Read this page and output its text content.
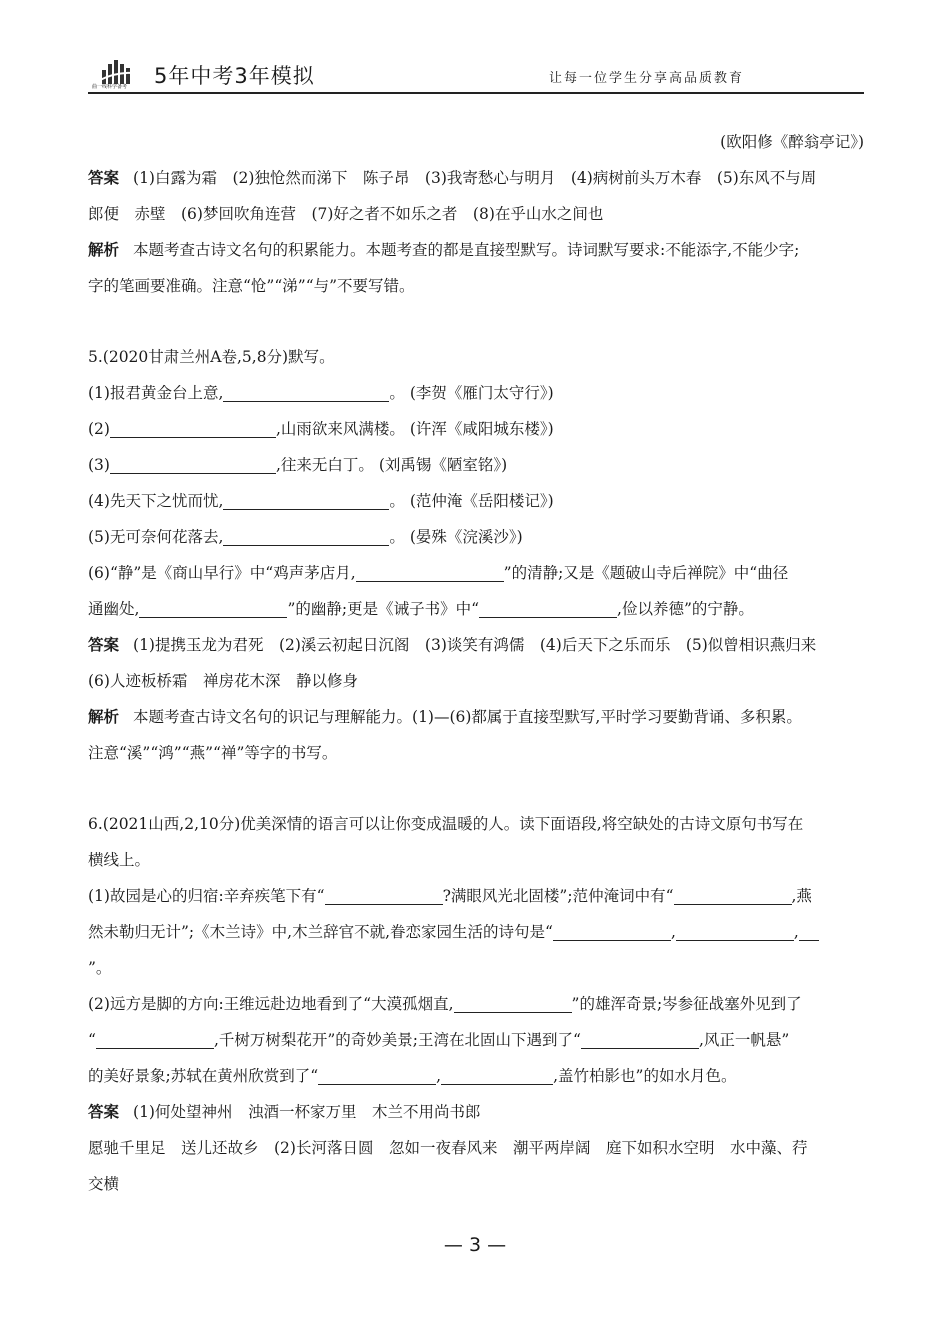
曲一线科学备考 5年中考3年模拟	让每一位学生分享高品质教育
(欧阳修《醉翁亭记》)
答案 (1)白露为霜　(2)独怆然而涕下　陈子昂　(3)我寄愁心与明月　(4)病树前头万木春　(5)东风不与周
郎便　赤壁　(6)梦回吹角连营　(7)好之者不如乐之者　(8)在乎山水之间也
解析 本题考查古诗文名句的积累能力。本题考查的都是直接型默写。诗词默写要求:不能添字,不能少字;
字的笔画要准确。注意“怆”“涕”“与”不要写错。
5.(2020甘肃兰州A卷,5,8分)默写。
(1)报君黄金台上意,	。 (李贺《雁门太守行》)
(2)	,山雨欲来风满楼。 (许浑《咸阳城东楼》)
(3)	,往来无白丁。 (刘禹锡《陋室铭》)
(4)先天下之忧而忧,	。 (范仲淹《岳阳楼记》)
(5)无可奈何花落去,	。 (晏殊《浣溪沙》)
(6)“静”是《商山早行》中“鸡声茅店月,	”的清静;又是《题破山寺后禅院》中“曲径
通幽处,	”的幽静;更是《诫子书》中“	,俭以养德”的宁静。
答案 (1)提携玉龙为君死　(2)溪云初起日沉阁　(3)谈笑有鸿儒　(4)后天下之乐而乐　(5)似曾相识燕归来
(6)人迹板桥霜　禅房花木深　静以修身
解析 本题考查古诗文名句的识记与理解能力。(1)—(6)都属于直接型默写,平时学习要勤背诵、多积累。
注意“溪”“鸿”“燕”“禅”等字的书写。
6.(2021山西,2,10分)优美深情的语言可以让你变成温暖的人。读下面语段,将空缺处的古诗文原句书写在
横线上。
(1)故园是心的归宿:辛弃疾笔下有“	?满眼风光北固楼”;范仲淹词中有“	,燕
然未勒归无计”;《木兰诗》中,木兰辞官不就,眷恋家园生活的诗句是“	,	,
”。
(2)远方是脚的方向:王维远赴边地看到了“大漠孤烟直,	”的雄浑奇景;岑参征战塞外见到了
“	,千树万树梨花开”的奇妙美景;王湾在北固山下遇到了“	,风正一帆悬”
的美好景象;苏轼在黄州欣赏到了“	,	,盖竹柏影也”的如水月色。
答案 (1)何处望神州　浊酒一杯家万里　木兰不用尚书郎
愿驰千里足　送儿还故乡　(2)长河落日圆　忽如一夜春风来　潮平两岸阔　庭下如积水空明　水中藻、荇
交横
— 3 —
